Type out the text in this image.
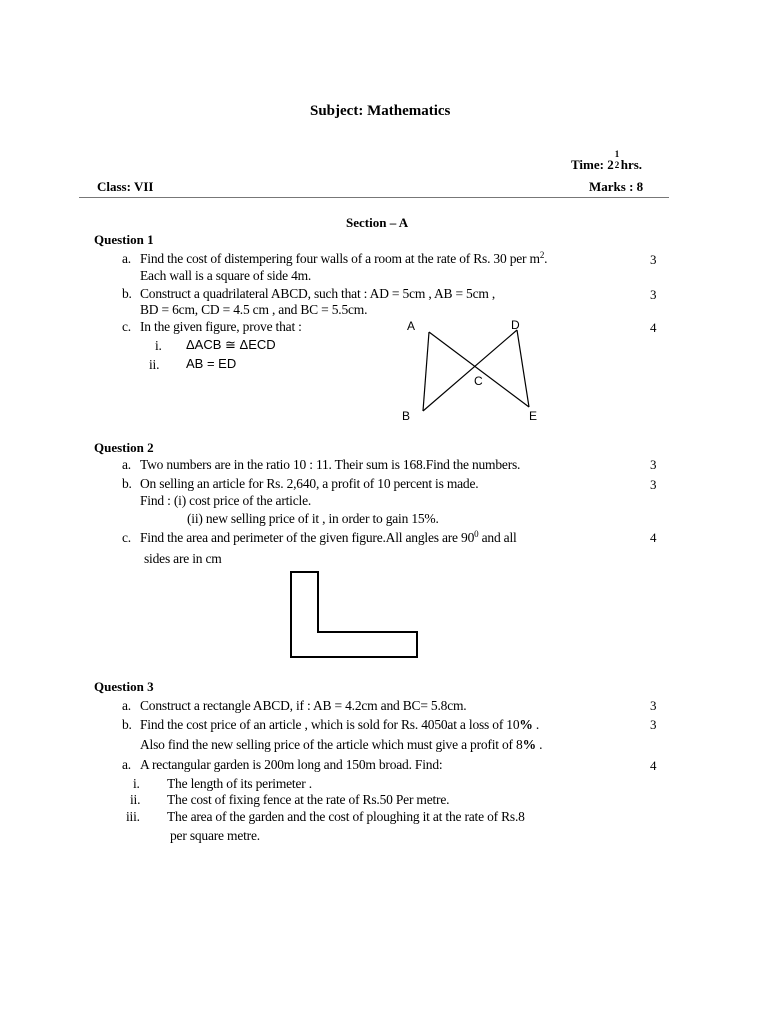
Subject: Mathematics
Time: 2
1
2 hrs.
Class: VII	Marks : 8
Section – A
Question 1
a. Find the cost of distempering four walls of a room at the rate of Rs. 30 per $m^2$.
Each wall is a square of side 4m.
3
b. Construct a quadrilateral ABCD, such that : AD = 5cm , AB = 5cm ,
BD = 6cm, CD = 4.5 cm , and BC = 5.5cm.
3
c. In the given figure, prove that :	4
i. ΔACB ≅ ΔECD
ii. AB = ED
A	D
C
B	E
Question 2
a. Two numbers are in the ratio 10 : 11. Their sum is 168.Find the numbers.	3
b. On selling an article for Rs. 2,640, a profit of 10 percent is made.
Find : (i) cost price of the article.
(ii) new selling price of it , in order to gain 15%.
3
c. Find the area and perimeter of the given figure.All angles are $90^0$ and all
sides are in cm
4
Question 3
a. Construct a rectangle ABCD, if : AB = 4.2cm and BC= 5.8cm.	3
b. Find the cost price of an article , which is sold for Rs. 4050at a loss of 10% .
Also find the new selling price of the article which must give a profit of 8% .
3
a. A rectangular garden is 200m long and 150m broad. Find:	4
i. The length of its perimeter .
ii. The cost of fixing fence at the rate of Rs.50 Per metre.
iii. The area of the garden and the cost of ploughing it at the rate of Rs.8
per square metre.
